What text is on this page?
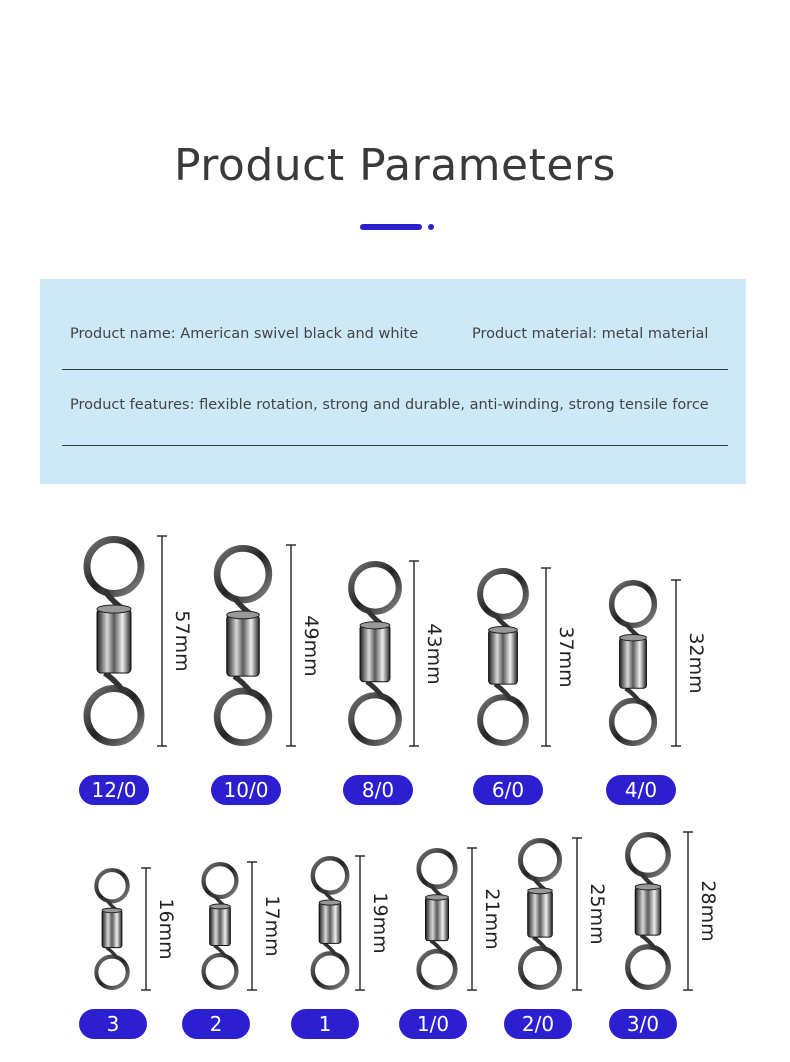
Product Parameters
Product name: American swivel black and white	Product material: metal material
Product features: flexible rotation, strong and durable, anti-winding, strong tensile force
57mm
12/0
49mm
10/0
43mm
8/0
37mm
6/0
32mm
4/0
16mm
3
17mm
2
19mm
1
21mm
1/0
25mm
2/0
28mm
3/0
